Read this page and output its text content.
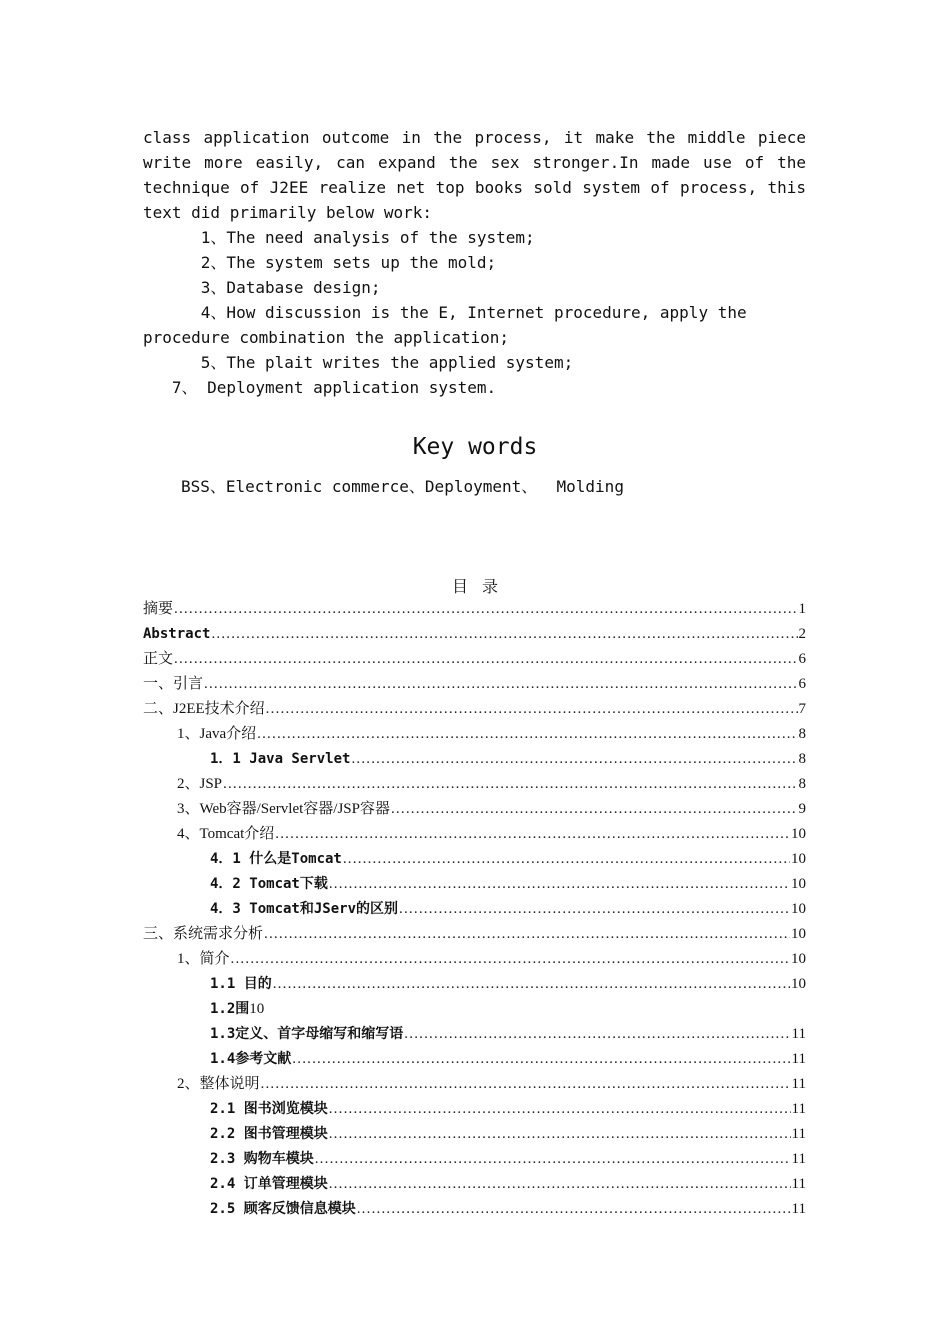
class application outcome in the process, it make the middle piece
write more easily, can expand the sex stronger.In made use of the
technique of J2EE realize net top books sold system of process, this
text did primarily below work:
1、The need analysis of the system;
2、The system sets up the mold;
3、Database design;
4、How discussion is the E, Internet procedure, apply the
procedure combination the application;
5、The plait writes the applied system;
7、 Deployment application system.
Key words
BSS、Electronic commerce、Deployment、  Molding
目录
摘要 .....	1
Abstract .....	2
正文 .....	6
一、引言 .....	6
二、J2EE技术介绍 .....	7
1、Java介绍 .....	8
1．1 Java Servlet .....	8
2、JSP .....	8
3、Web容器/Servlet容器/JSP容器 .....	9
4、Tomcat介绍 .....	10
4．1 什么是Tomcat .....	10
4．2 Tomcat下载 .....	10
4．3 Tomcat和JServ的区别 .....	10
三、系统需求分析 .....	10
1、简介 .....	10
1.1 目的 .....	10
1.2围 10
1.3定义、首字母缩写和缩写语 .....	11
1.4参考文献 .....	11
2、整体说明 .....	11
2.1 图书浏览模块 .....	11
2.2 图书管理模块 .....	11
2.3 购物车模块 .....	11
2.4 订单管理模块 .....	11
2.5 顾客反馈信息模块 .....	11
